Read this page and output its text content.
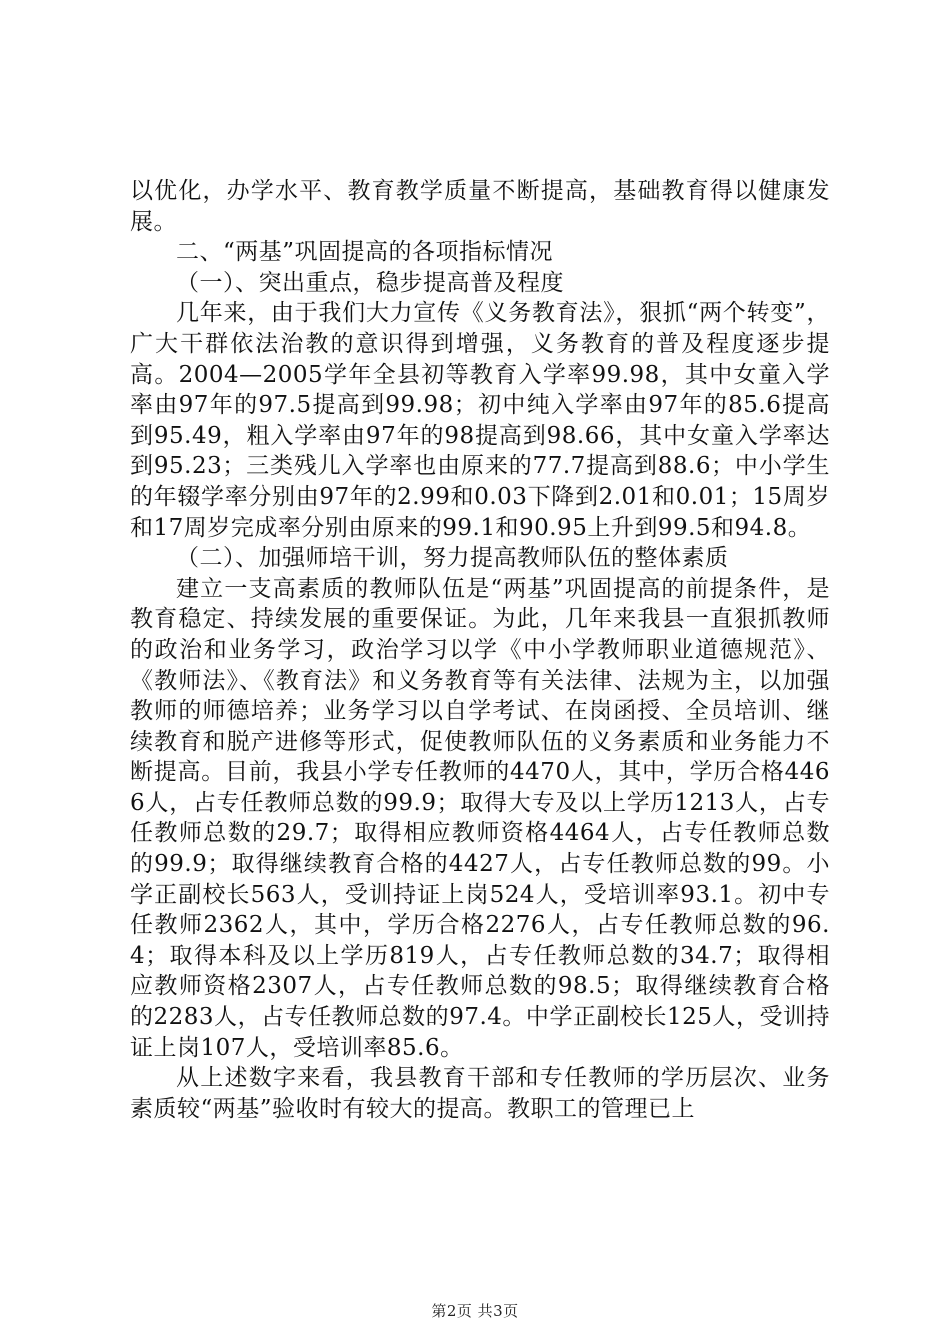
以优化，办学水平、教育教学质量不断提高，基础教育得以健康发展。

二、“两基”巩固提高的各项指标情况

（一）、突出重点，稳步提高普及程度

几年来，由于我们大力宣传《义务教育法》，狠抓“两个转变”，广大干群依法治教的意识得到增强，义务教育的普及程度逐步提高。2004—2005学年全县初等教育入学率99.98，其中女童入学率由97年的97.5提高到99.98；初中纯入学率由97年的85.6提高到95.49，粗入学率由97年的98提高到98.66，其中女童入学率达到95.23；三类残儿入学率也由原来的77.7提高到88.6；中小学生的年辍学率分别由97年的2.99和0.03下降到2.01和0.01；15周岁和17周岁完成率分别由原来的99.1和90.95上升到99.5和94.8。

（二）、加强师培干训，努力提高教师队伍的整体素质

建立一支高素质的教师队伍是“两基”巩固提高的前提条件，是教育稳定、持续发展的重要保证。为此，几年来我县一直狠抓教师的政治和业务学习，政治学习以学《中小学教师职业道德规范》、《教师法》、《教育法》和义务教育等有关法律、法规为主，以加强教师的师德培养；业务学习以自学考试、在岗函授、全员培训、继续教育和脱产进修等形式，促使教师队伍的义务素质和业务能力不断提高。目前，我县小学专任教师的4470人，其中，学历合格4466人，占专任教师总数的99.9；取得大专及以上学历1213人，占专任教师总数的29.7；取得相应教师资格4464人，占专任教师总数的99.9；取得继续教育合格的4427人，占专任教师总数的99。小学正副校长563人，受训持证上岗524人，受培训率93.1。初中专任教师2362人，其中，学历合格2276人，占专任教师总数的96.4；取得本科及以上学历819人，占专任教师总数的34.7；取得相应教师资格2307人，占专任教师总数的98.5；取得继续教育合格的2283人，占专任教师总数的97.4。中学正副校长125人，受训持证上岗107人，受培训率85.6。

从上述数字来看，我县教育干部和专任教师的学历层次、业务素质较“两基”验收时有较大的提高。教职工的管理已上

第2页 共3页
